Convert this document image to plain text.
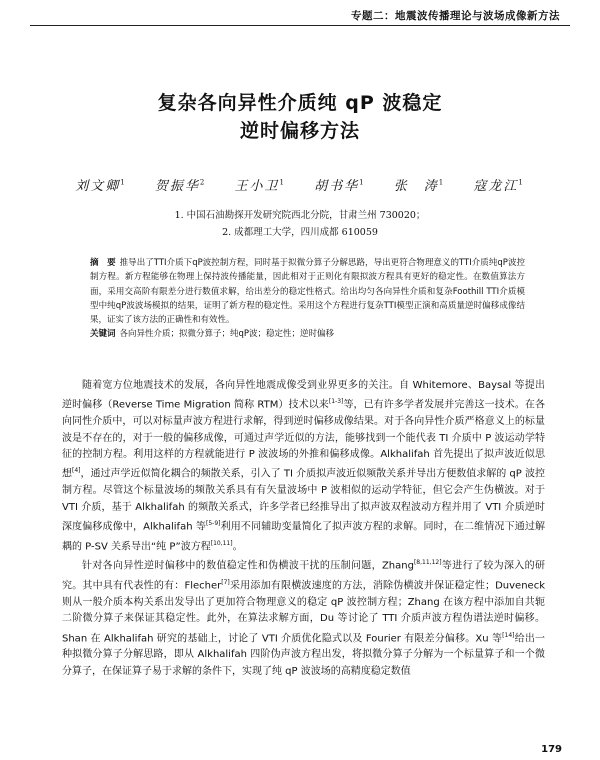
专题二：地震波传播理论与波场成像新方法
复杂各向异性介质纯 qP 波稳定
逆时偏移方法
刘文卿$^1$ 贺振华$^2$ 王小卫$^1$ 胡书华$^1$ 张　涛$^1$ 寇龙江$^1$
1. 中国石油勘探开发研究院西北分院，甘肃兰州 730020；
2. 成都理工大学，四川成都 610059
摘　要 推导出了TTI介质下qP波控制方程，同时基于拟微分算子分解思路，导出更符合物理意义的TTI介质纯qP波控制方程。新方程能够在物理上保持波传播能量，因此相对于正则化有限拟波方程具有更好的稳定性。在数值算法方面，采用交高阶有限差分进行数值求解，给出差分的稳定性格式。给出均匀各向异性介质和复杂Foothill TTI介质模型中纯qP波波场模拟的结果，证明了新方程的稳定性。采用这个方程进行复杂TTI模型正演和高质量逆时偏移成像结果，证实了该方法的正确性和有效性。
关键词 各向异性介质；拟微分算子；纯qP波；稳定性；逆时偏移

随着宽方位地震技术的发展，各向异性地震成像受到业界更多的关注。自 Whitemore、Baysal 等提出逆时偏移（Reverse Time Migration 简称 RTM）技术以来[1-3]等，已有许多学者发展并完善这一技术。在各向同性介质中，可以对标量声波方程进行求解，得到逆时偏移成像结果。对于各向异性介质严格意义上的标量波是不存在的，对于一般的偏移成像，可通过声学近似的方法，能够找到一个能代表 TI 介质中 P 波运动学特征的控制方程。利用这样的方程就能进行 P 波波场的外推和偏移成像。Alkhalifah 首先提出了拟声波近似思想[4]，通过声学近似简化耦合的频散关系，引入了 TI 介质拟声波近似频散关系并导出方便数值求解的 qP 波控制方程。尽管这个标量波场的频散关系具有有矢量波场中 P 波相似的运动学特征，但它会产生伪横波。对于 VTI 介质，基于 Alkhalifah 的频散关系式，许多学者已经推导出了拟声波双程波动方程并用了 VTI 介质逆时深度偏移成像中，Alkhalifah 等[5-9]利用不同辅助变量简化了拟声波方程的求解。同时，在二维情况下通过解耦的 P-SV 关系导出“纯 P”波方程[10,11]。

针对各向异性逆时偏移中的数值稳定性和伪横波干扰的压制问题，Zhang[8,11,12]等进行了较为深入的研究。其中具有代表性的有：Flecher[7]采用添加有限横波速度的方法，消除伪横波并保证稳定性；Duveneck 则从一般介质本构关系出发导出了更加符合物理意义的稳定 qP 波控制方程；Zhang 在该方程中添加自共轭二阶微分算子来保证其稳定性。此外，在算法求解方面，Du 等讨论了 TTI 介质声波方程伪谱法逆时偏移。Shan 在 Alkhalifah 研究的基础上，讨论了 VTI 介质优化隐式以及 Fourier 有限差分偏移。Xu 等[14]给出一种拟微分算子分解思路，即从 Alkhalifah 四阶伪声波方程出发，将拟微分算子分解为一个标量算子和一个微分算子，在保证算子易于求解的条件下，实现了纯 qP 波波场的高精度稳定数值

179
